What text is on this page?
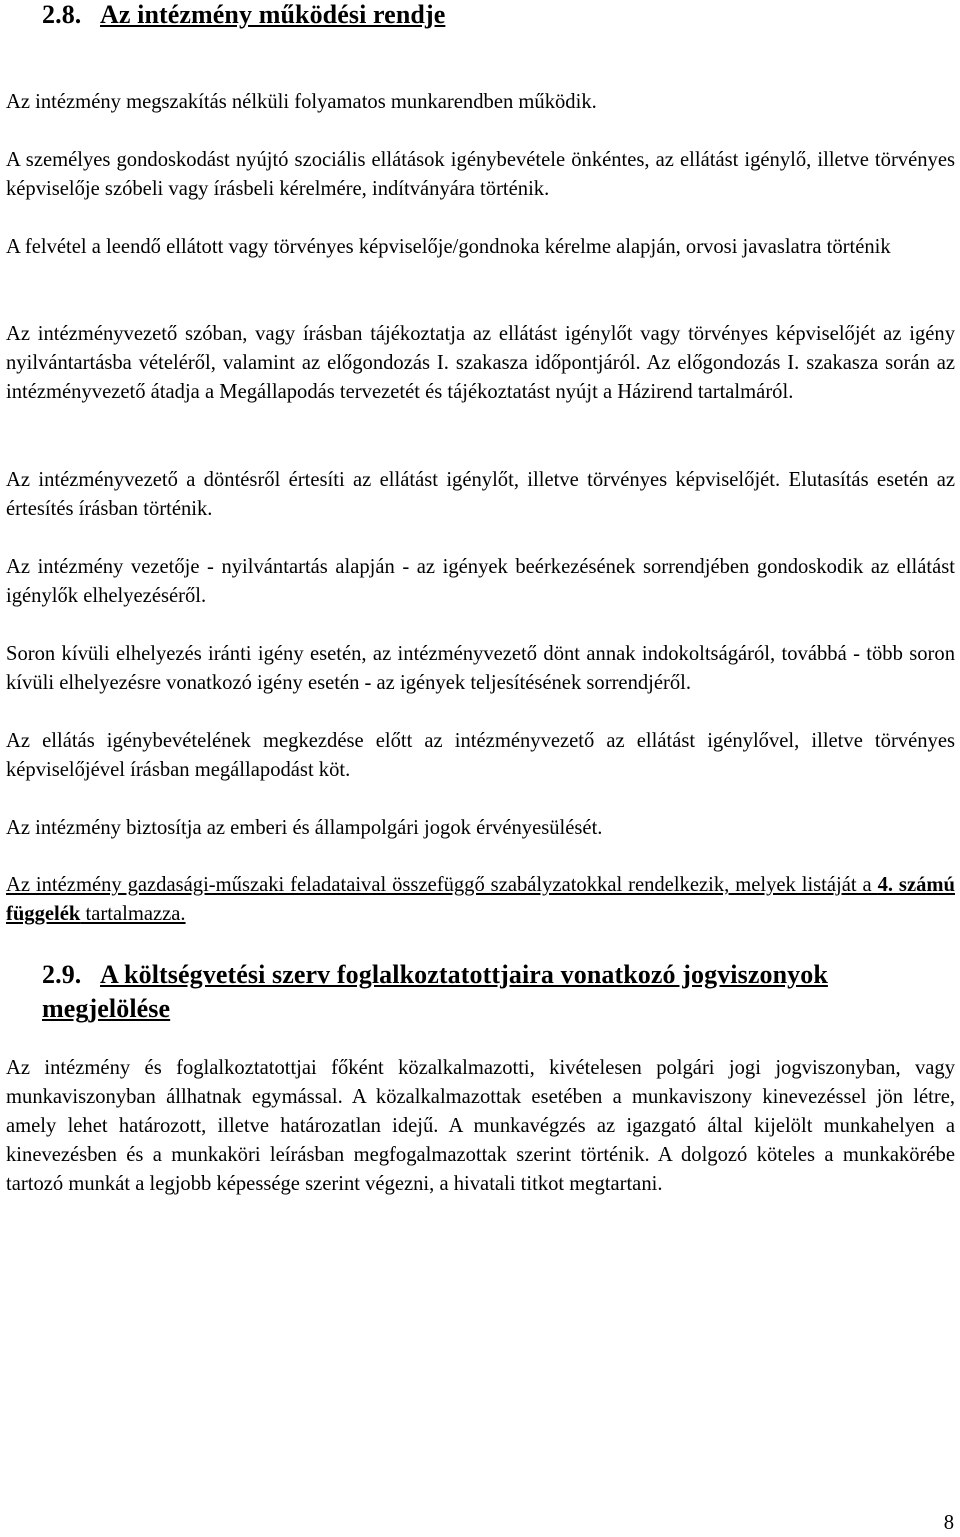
2.8. Az intézmény működési rendje

Az intézmény megszakítás nélküli folyamatos munkarendben működik.

A személyes gondoskodást nyújtó szociális ellátások igénybevétele önkéntes, az ellátást igénylő, illetve törvényes képviselője szóbeli vagy írásbeli kérelmére, indítványára történik.

A felvétel a leendő ellátott vagy törvényes képviselője/gondnoka kérelme alapján, orvosi javaslatra történik

Az intézményvezető szóban, vagy írásban tájékoztatja az ellátást igénylőt vagy törvényes képviselőjét az igény nyilvántartásba vételéről, valamint az előgondozás I. szakasza időpontjáról. Az előgondozás I. szakasza során az intézményvezető átadja a Megállapodás tervezetét és tájékoztatást nyújt a Házirend tartalmáról.

Az intézményvezető a döntésről értesíti az ellátást igénylőt, illetve törvényes képviselőjét. Elutasítás esetén az értesítés írásban történik.

Az intézmény vezetője - nyilvántartás alapján - az igények beérkezésének sorrendjében gondoskodik az ellátást igénylők elhelyezéséről.

Soron kívüli elhelyezés iránti igény esetén, az intézményvezető dönt annak indokoltságáról, továbbá - több soron kívüli elhelyezésre vonatkozó igény esetén - az igények teljesítésének sorrendjéről.

Az ellátás igénybevételének megkezdése előtt az intézményvezető az ellátást igénylővel, illetve törvényes képviselőjével írásban megállapodást köt.

Az intézmény biztosítja az emberi és állampolgári jogok érvényesülését.

Az intézmény gazdasági-műszaki feladataival összefüggő szabályzatokkal rendelkezik, melyek listáját a 4. számú függelék tartalmazza.

2.9. A költségvetési szerv foglalkoztatottjaira vonatkozó jogviszonyok megjelölése

Az intézmény és foglalkoztatottjai főként közalkalmazotti, kivételesen polgári jogi jogviszonyban, vagy munkaviszonyban állhatnak egymással. A közalkalmazottak esetében a munkaviszony kinevezéssel jön létre, amely lehet határozott, illetve határozatlan idejű. A munkavégzés az igazgató által kijelölt munkahelyen a kinevezésben és a munkaköri leírásban megfogalmazottak szerint történik. A dolgozó köteles a munkakörébe tartozó munkát a legjobb képessége szerint végezni, a hivatali titkot megtartani.

8
